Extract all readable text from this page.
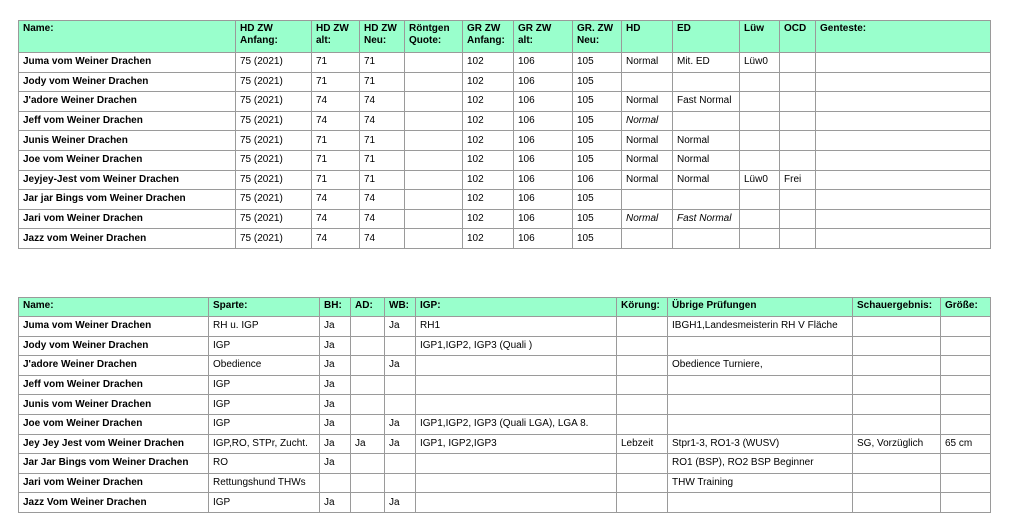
Name:	HD ZW Anfang:	HD ZW alt:	HD ZW Neu:	Röntgen Quote:	GR ZW Anfang:	GR ZW alt:	GR. ZW Neu:	HD	ED	Lüw	OCD	Genteste:
Juma vom Weiner Drachen	75 (2021)	71	71		102	106	105	Normal	Mit. ED	Lüw0		
Jody vom Weiner Drachen	75 (2021)	71	71		102	106	105					
J'adore Weiner Drachen	75 (2021)	74	74		102	106	105	Normal	Fast Normal			
Jeff vom Weiner Drachen	75 (2021)	74	74		102	106	105	Normal				
Junis Weiner Drachen	75 (2021)	71	71		102	106	105	Normal	Normal			
Joe vom Weiner Drachen	75 (2021)	71	71		102	106	105	Normal	Normal			
Jeyjey-Jest vom Weiner Drachen	75 (2021)	71	71		102	106	106	Normal	Normal	Lüw0	Frei	
Jar jar Bings vom Weiner Drachen	75 (2021)	74	74		102	106	105					
Jari vom Weiner Drachen	75 (2021)	74	74		102	106	105	Normal	Fast Normal			
Jazz vom Weiner Drachen	75 (2021)	74	74		102	106	105					
Name:	Sparte:	BH:	AD:	WB:	IGP:	Körung:	Übrige Prüfungen	Schauergebnis:	Größe:
Juma vom Weiner Drachen	RH u. IGP	Ja		Ja	RH1		IBGH1,Landesmeisterin RH V Fläche		
Jody vom Weiner Drachen	IGP	Ja			IGP1,IGP2, IGP3 (Quali )				
J'adore Weiner Drachen	Obedience	Ja		Ja			Obedience Turniere,		
Jeff vom Weiner Drachen	IGP	Ja							
Junis vom Weiner Drachen	IGP	Ja							
Joe vom Weiner Drachen	IGP	Ja		Ja	IGP1,IGP2, IGP3 (Quali LGA), LGA 8.				
Jey Jey Jest vom Weiner Drachen	IGP,RO, STPr, Zucht.	Ja	Ja	Ja	IGP1, IGP2,IGP3	Lebzeit	Stpr1-3, RO1-3 (WUSV)	SG, Vorzüglich	65 cm
Jar Jar Bings vom Weiner Drachen	RO	Ja					RO1 (BSP), RO2 BSP Beginner		
Jari vom Weiner Drachen	Rettungshund THWs						THW Training		
Jazz Vom Weiner Drachen	IGP	Ja		Ja					
